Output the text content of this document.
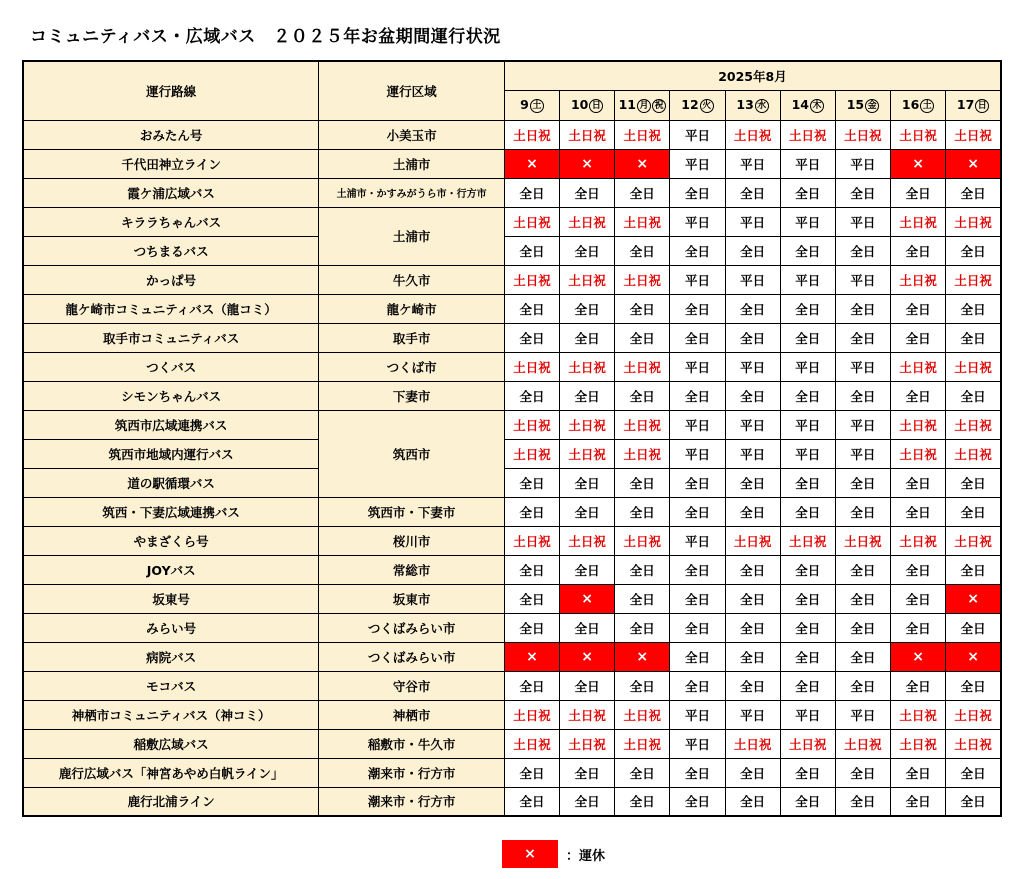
コミュニティバス・広域バス　２０２５年お盆期間運行状況
運行路線	運行区域	2025年8月								
		9 土	10 日	11 月 祝	12 火	13 水	14 木	15 金	16 土	17 日
おみたん号	小美玉市	土日祝	土日祝	土日祝	平日	土日祝	土日祝	土日祝	土日祝	土日祝
千代田神立ライン	土浦市	×	×	×	平日	平日	平日	平日	×	×
霞ケ浦広域バス	土浦市・かすみがうら市・行方市	全日	全日	全日	全日	全日	全日	全日	全日	全日
キララちゃんバス	土浦市	土日祝	土日祝	土日祝	平日	平日	平日	平日	土日祝	土日祝
つちまるバス		全日	全日	全日	全日	全日	全日	全日	全日	全日
かっぱ号	牛久市	土日祝	土日祝	土日祝	平日	平日	平日	平日	土日祝	土日祝
龍ケ崎市コミュニティバス（龍コミ）	龍ケ崎市	全日	全日	全日	全日	全日	全日	全日	全日	全日
取手市コミュニティバス	取手市	全日	全日	全日	全日	全日	全日	全日	全日	全日
つくバス	つくば市	土日祝	土日祝	土日祝	平日	平日	平日	平日	土日祝	土日祝
シモンちゃんバス	下妻市	全日	全日	全日	全日	全日	全日	全日	全日	全日
筑西市広域連携バス	筑西市	土日祝	土日祝	土日祝	平日	平日	平日	平日	土日祝	土日祝
筑西市地域内運行バス		土日祝	土日祝	土日祝	平日	平日	平日	平日	土日祝	土日祝
道の駅循環バス		全日	全日	全日	全日	全日	全日	全日	全日	全日
筑西・下妻広域連携バス	筑西市・下妻市	全日	全日	全日	全日	全日	全日	全日	全日	全日
やまざくら号	桜川市	土日祝	土日祝	土日祝	平日	土日祝	土日祝	土日祝	土日祝	土日祝
JOYバス	常総市	全日	全日	全日	全日	全日	全日	全日	全日	全日
坂東号	坂東市	全日	×	全日	全日	全日	全日	全日	全日	×
みらい号	つくばみらい市	全日	全日	全日	全日	全日	全日	全日	全日	全日
病院バス	つくばみらい市	×	×	×	全日	全日	全日	全日	×	×
モコバス	守谷市	全日	全日	全日	全日	全日	全日	全日	全日	全日
神栖市コミュニティバス（神コミ）	神栖市	土日祝	土日祝	土日祝	平日	平日	平日	平日	土日祝	土日祝
稲敷広域バス	稲敷市・牛久市	土日祝	土日祝	土日祝	平日	土日祝	土日祝	土日祝	土日祝	土日祝
鹿行広域バス「神宮あやめ白帆ライン」	潮来市・行方市	全日	全日	全日	全日	全日	全日	全日	全日	全日
鹿行北浦ライン	潮来市・行方市	全日	全日	全日	全日	全日	全日	全日	全日	全日
×	：運休
